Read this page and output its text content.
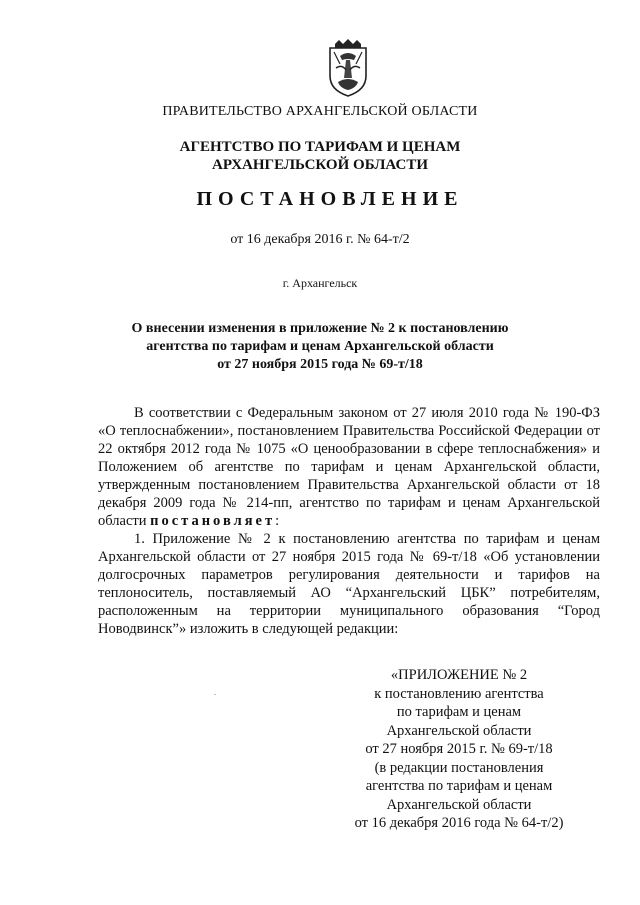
ПРАВИТЕЛЬСТВО АРХАНГЕЛЬСКОЙ ОБЛАСТИ
АГЕНТСТВО ПО ТАРИФАМ И ЦЕНАМ
АРХАНГЕЛЬСКОЙ ОБЛАСТИ
ПОСТАНОВЛЕНИЕ
от 16 декабря 2016 г. № 64-т/2
г. Архангельск
О внесении изменения в приложение № 2 к постановлению
агентства по тарифам и ценам Архангельской области
от 27 ноября 2015 года № 69-т/18

В соответствии с Федеральным законом от 27 июля 2010 года № 190-ФЗ «О теплоснабжении», постановлением Правительства Российской Федерации от 22 октября 2012 года № 1075 «О ценообразовании в сфере теплоснабжения» и Положением об агентстве по тарифам и ценам Архангельской области, утвержденным постановлением Правительства Архангельской области от 18 декабря 2009 года № 214-пп, агентство по тарифам и ценам Архангельской области постановляет:

1. Приложение № 2 к постановлению агентства по тарифам и ценам Архангельской области от 27 ноября 2015 года № 69-т/18 «Об установлении долгосрочных параметров регулирования деятельности и тарифов на теплоноситель, поставляемый АО “Архангельский ЦБК” потребителям, расположенным на территории муниципального образования “Город Новодвинск”» изложить в следующей редакции:

«ПРИЛОЖЕНИЕ № 2
к постановлению агентства
по тарифам и ценам
Архангельской области
от 27 ноября 2015 г. № 69-т/18
(в редакции постановления
агентства по тарифам и ценам
Архангельской области
от 16 декабря 2016 года № 64-т/2)
